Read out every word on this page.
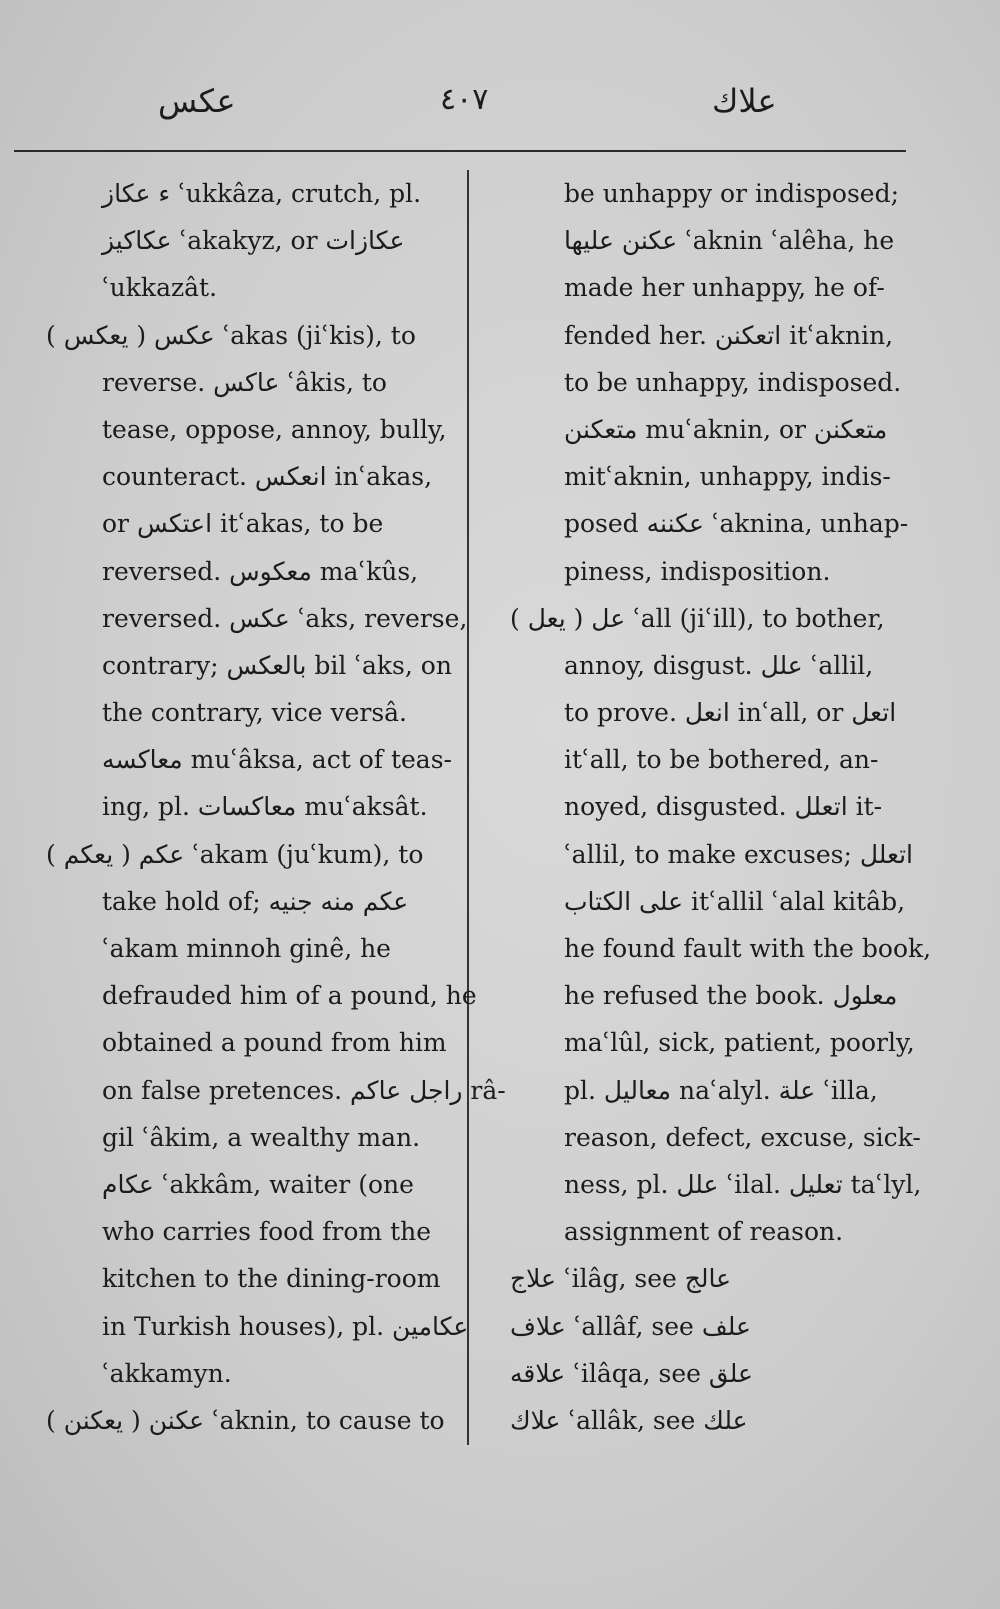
عكس	٤٠٧	علاك
ء عكاز ʿukkâza, crutch, pl.
عكاكيز ʿakakyz, or عكازات
ʿukkazât.
عكس ( يعكس ) ʿakas (jiʿkis), to
reverse. عاكس ʿâkis, to
tease, oppose, annoy, bully,
counteract. انعكس inʿakas,
or اعتكس itʿakas, to be
reversed. معكوس maʿkûs,
reversed. عكس ʿaks, reverse,
contrary; بالعكس bil ʿaks, on
the contrary, vice versâ.
معاكسه muʿâksa, act of teas-
ing, pl. معاكسات muʿaksât.
عكم ( يعكم ) ʿakam (juʿkum), to
take hold of; عكم منه جنيه
ʿakam minnoh ginê, he
defrauded him of a pound, he
obtained a pound from him
on false pretences. راجل عاكم râ-
gil ʿâkim, a wealthy man.
عكام ʿakkâm, waiter (one
who carries food from the
kitchen to the dining-room
in Turkish houses), pl. عكامين
ʿakkamyn.
عكنن ( يعكنن ) ʿaknin, to cause to
be unhappy or indisposed;
عكنن عليها ʿaknin ʿalêha, he
made her unhappy, he of-
fended her. اتعكنن itʿaknin,
to be unhappy, indisposed.
متعكنن muʿaknin, or متعكنن
mitʿaknin, unhappy, indis-
posed عكننه ʿaknina, unhap-
piness, indisposition.
عل ( يعل ) ʿall (jiʿill), to bother,
annoy, disgust. علل ʿallil,
to prove. انعل inʿall, or اتعل
itʿall, to be bothered, an-
noyed, disgusted. اتعلل it-
ʿallil, to make excuses; اتعلل
على الكتاب itʿallil ʿalal kitâb,
he found fault with the book,
he refused the book. معلول
maʿlûl, sick, patient, poorly,
pl. معاليل naʿalyl. علة ʿilla,
reason, defect, excuse, sick-
ness, pl. علل ʿilal. تعليل taʿlyl,
assignment of reason.
علاج ʿilâg, see عالج
علاف ʿallâf, see علف
علاقه ʿilâqa, see علق
علاك ʿallâk, see علك
